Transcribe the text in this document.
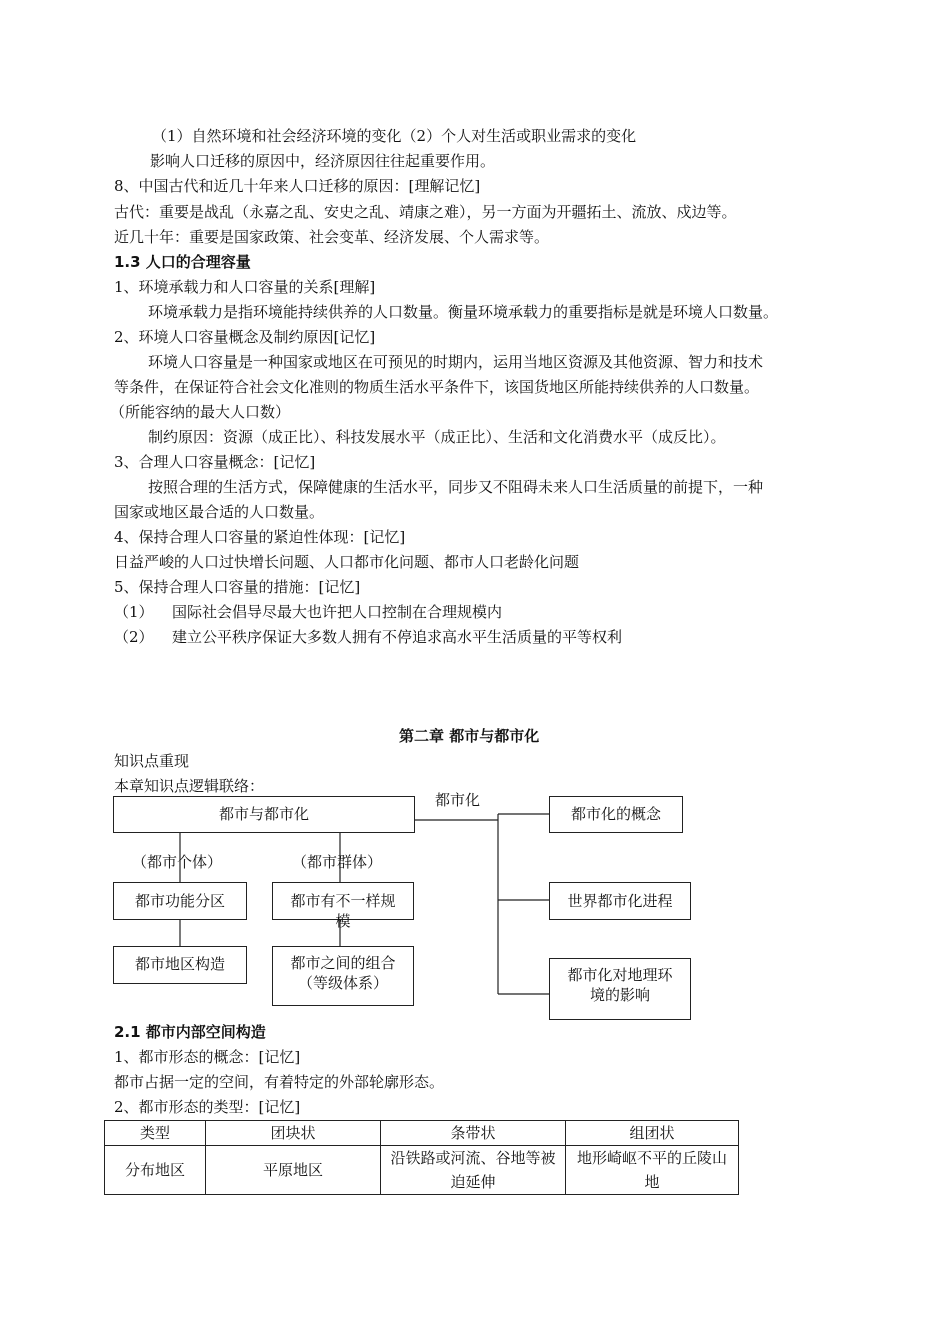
（1）自然环境和社会经济环境的变化（2）个人对生活或职业需求的变化
影响人口迁移的原因中，经济原因往往起重要作用。
8、中国古代和近几十年来人口迁移的原因：[理解记忆]
古代：重要是战乱（永嘉之乱、安史之乱、靖康之难），另一方面为开疆拓土、流放、戍边等。
近几十年：重要是国家政策、社会变革、经济发展、个人需求等。
1.3 人口的合理容量
1、环境承载力和人口容量的关系[理解]
环境承载力是指环境能持续供养的人口数量。衡量环境承载力的重要指标是就是环境人口数量。
2、环境人口容量概念及制约原因[记忆]
环境人口容量是一种国家或地区在可预见的时期内，运用当地区资源及其他资源、智力和技术
等条件，在保证符合社会文化准则的物质生活水平条件下，该国货地区所能持续供养的人口数量。
（所能容纳的最大人口数）
制约原因：资源（成正比）、科技发展水平（成正比）、生活和文化消费水平（成反比）。
3、合理人口容量概念：[记忆]
按照合理的生活方式，保障健康的生活水平，同步又不阻碍未来人口生活质量的前提下，一种
国家或地区最合适的人口数量。
4、保持合理人口容量的紧迫性体现：[记忆]
日益严峻的人口过快增长问题、人口都市化问题、都市人口老龄化问题
5、保持合理人口容量的措施：[记忆]
（1） 国际社会倡导尽最大也许把人口控制在合理规模内
（2） 建立公平秩序保证大多数人拥有不停追求高水平生活质量的平等权利
第二章 都市与都市化
知识点重现
本章知识点逻辑联络：
都市与都市化
都市化
（都市个体）	（都市群体）
都市功能分区
都市地区构造
都市有不一样规模
都市之间的组合（等级体系）
都市化的概念
世界都市化进程
都市化对地理环境的影响
2.1 都市内部空间构造
1、都市形态的概念：[记忆]
都市占据一定的空间，有着特定的外部轮廓形态。
2、都市形态的类型：[记忆]
类型	团块状	条带状	组团状
分布地区	平原地区	沿铁路或河流、谷地等被迫延伸	地形崎岖不平的丘陵山地
